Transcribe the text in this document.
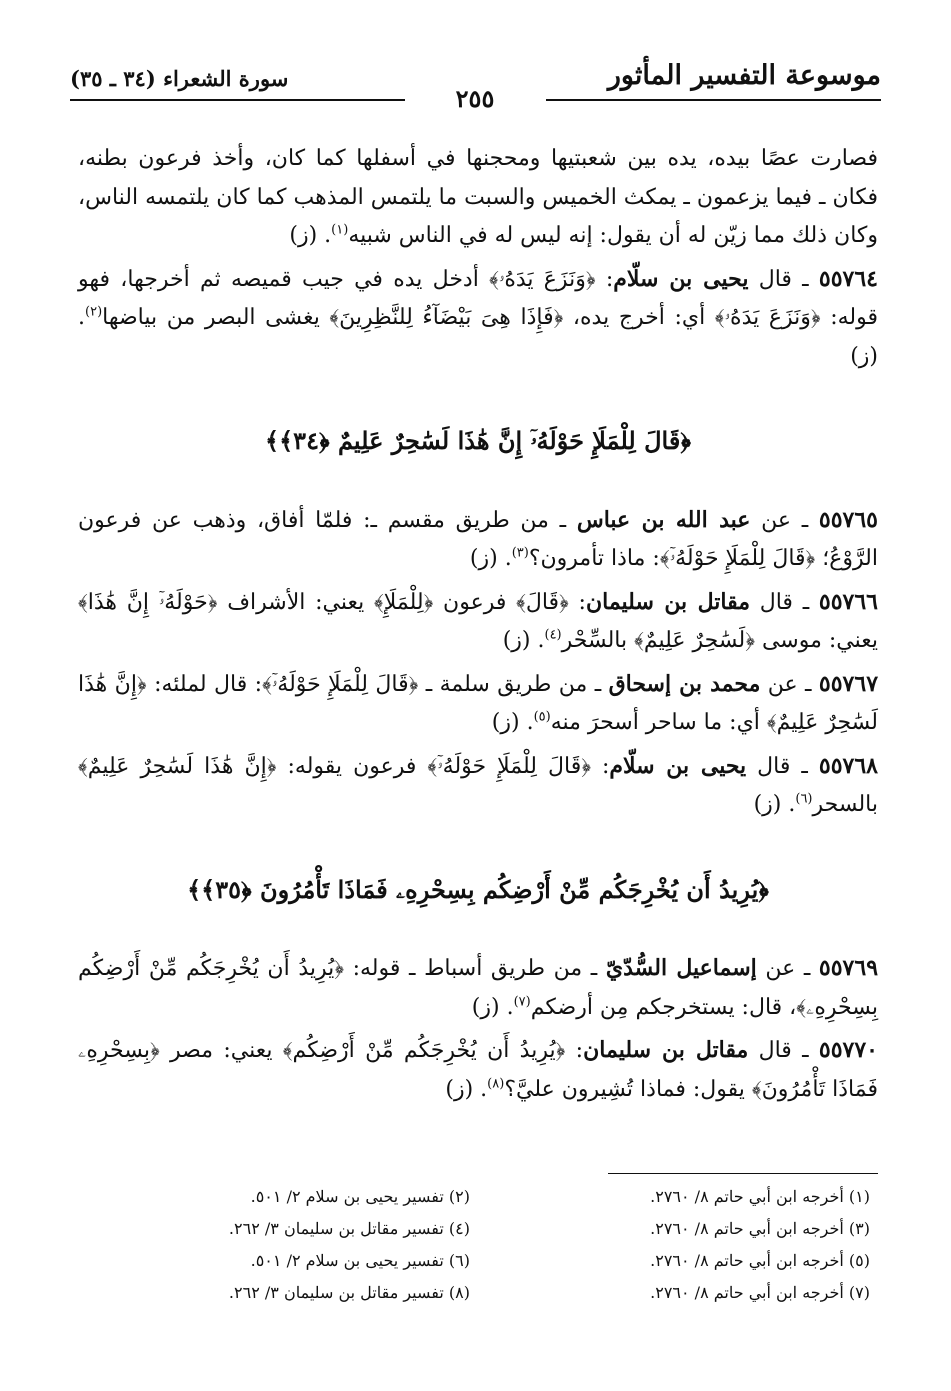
موسوعة التفسير المأثور
سورة الشعراء (٣٤ ـ ٣٥)
٢٥٥

فصارت عصًا بيده، يده بين شعبتيها ومحجنها في أسفلها كما كان، وأخذ فرعون بطنه، فكان ـ فيما يزعمون ـ يمكث الخميس والسبت ما يلتمس المذهب كما كان يلتمسه الناس، وكان ذلك مما زيّن له أن يقول: إنه ليس له في الناس شبيه$^{(١)}$. (ز)

٥٥٧٦٤ ـ قال يحيى بن سلّام: ﴿وَنَزَعَ يَدَهُۥ﴾ أدخل يده في جيب قميصه ثم أخرجها، فهو قوله: ﴿وَنَزَعَ يَدَهُۥ﴾ أي: أخرج يده، ﴿فَإِذَا هِىَ بَيْضَآءُ لِلنَّظِرِينَ﴾ يغشى البصر من بياضها$^{(٢)}$. (ز)

﴿قَالَ لِلْمَلَإِ حَوْلَهُۥٓ إِنَّ هَٰذَا لَسَٰحِرٌ عَلِيمٌ ﴿٣٤﴾﴾

٥٥٧٦٥ ـ عن عبد الله بن عباس ـ من طريق مقسم ـ: فلمّا أفاق، وذهب عن فرعون الرَّوْعُ؛ ﴿قَالَ لِلْمَلَإِ حَوْلَهُۥٓ﴾: ماذا تأمرون؟$^{(٣)}$. (ز)

٥٥٧٦٦ ـ قال مقاتل بن سليمان: ﴿قَالَ﴾ فرعون ﴿لِلْمَلَإِ﴾ يعني: الأشراف ﴿حَوْلَهُۥٓ إِنَّ هَٰذَا﴾ يعني: موسى ﴿لَسَٰحِرٌ عَلِيمٌ﴾ بالسِّحْر$^{(٤)}$. (ز)

٥٥٧٦٧ ـ عن محمد بن إسحاق ـ من طريق سلمة ـ ﴿قَالَ لِلْمَلَإِ حَوْلَهُۥٓ﴾: قال لملئه: ﴿إِنَّ هَٰذَا لَسَٰحِرٌ عَلِيمٌ﴾ أي: ما ساحر أسحرَ منه$^{(٥)}$. (ز)

٥٥٧٦٨ ـ قال يحيى بن سلّام: ﴿قَالَ لِلْمَلَإِ حَوْلَهُۥٓ﴾ فرعون يقوله: ﴿إِنَّ هَٰذَا لَسَٰحِرٌ عَلِيمٌ﴾ بالسحر$^{(٦)}$. (ز)

﴿يُرِيدُ أَن يُخْرِجَكُم مِّنْ أَرْضِكُم بِسِحْرِهِۦ فَمَاذَا تَأْمُرُونَ ﴿٣٥﴾﴾

٥٥٧٦٩ ـ عن إسماعيل السُّدّيّ ـ من طريق أسباط ـ قوله: ﴿يُرِيدُ أَن يُخْرِجَكُم مِّنْ أَرْضِكُم بِسِحْرِهِۦ﴾، قال: يستخرجكم مِن أرضكم$^{(٧)}$. (ز)

٥٥٧٧٠ ـ قال مقاتل بن سليمان: ﴿يُرِيدُ أَن يُخْرِجَكُم مِّنْ أَرْضِكُم﴾ يعني: مصر ﴿بِسِحْرِهِۦ فَمَاذَا تَأْمُرُونَ﴾ يقول: فماذا تُشِيرون عليَّ؟$^{(٨)}$. (ز)

(١) أخرجه ابن أبي حاتم ٨/ ٢٧٦٠.
(٢) تفسير يحيى بن سلام ٢/ ٥٠١.
(٣) أخرجه ابن أبي حاتم ٨/ ٢٧٦٠.
(٤) تفسير مقاتل بن سليمان ٣/ ٢٦٢.
(٥) أخرجه ابن أبي حاتم ٨/ ٢٧٦٠.
(٦) تفسير يحيى بن سلام ٢/ ٥٠١.
(٧) أخرجه ابن أبي حاتم ٨/ ٢٧٦٠.
(٨) تفسير مقاتل بن سليمان ٣/ ٢٦٢.
